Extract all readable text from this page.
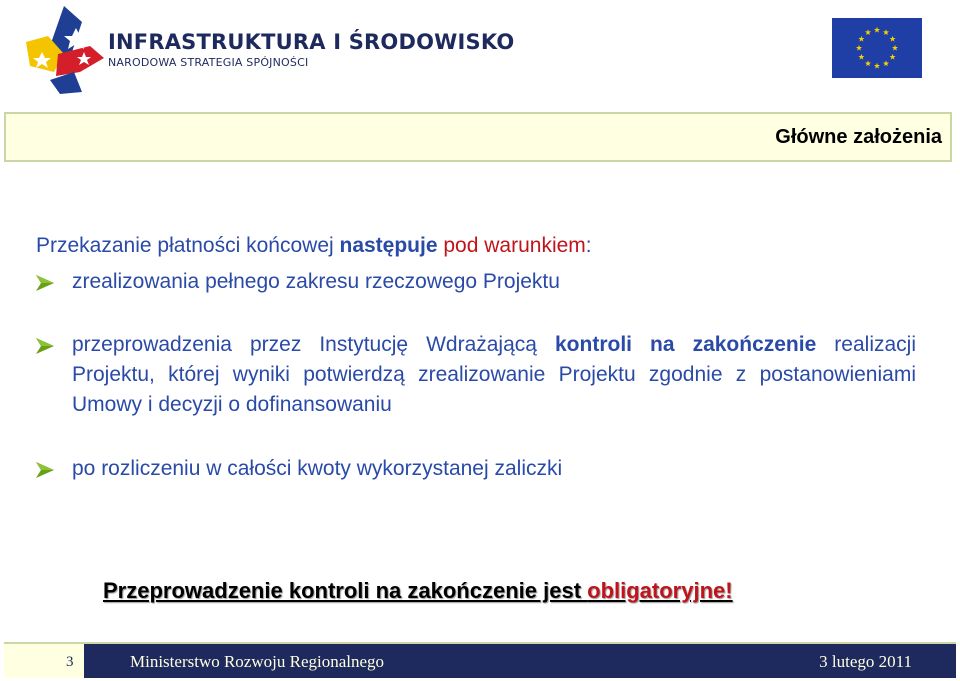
INFRASTRUKTURA I ŚRODOWISKO
NARODOWA STRATEGIA SPÓJNOŚCI
Główne założenia
Przekazanie płatności końcowej następuje pod warunkiem:
zrealizowania pełnego zakresu rzeczowego Projektu
przeprowadzenia przez Instytucję Wdrażającą kontroli na zakończenie realizacji Projektu, której wyniki potwierdzą zrealizowanie Projektu zgodnie z postanowieniami Umowy i decyzji o dofinansowaniu
po rozliczeniu w całości kwoty wykorzystanej zaliczki
Przeprowadzenie kontroli na zakończenie jest obligatoryjne!
3	Ministerstwo Rozwoju Regionalnego	3 lutego 2011
